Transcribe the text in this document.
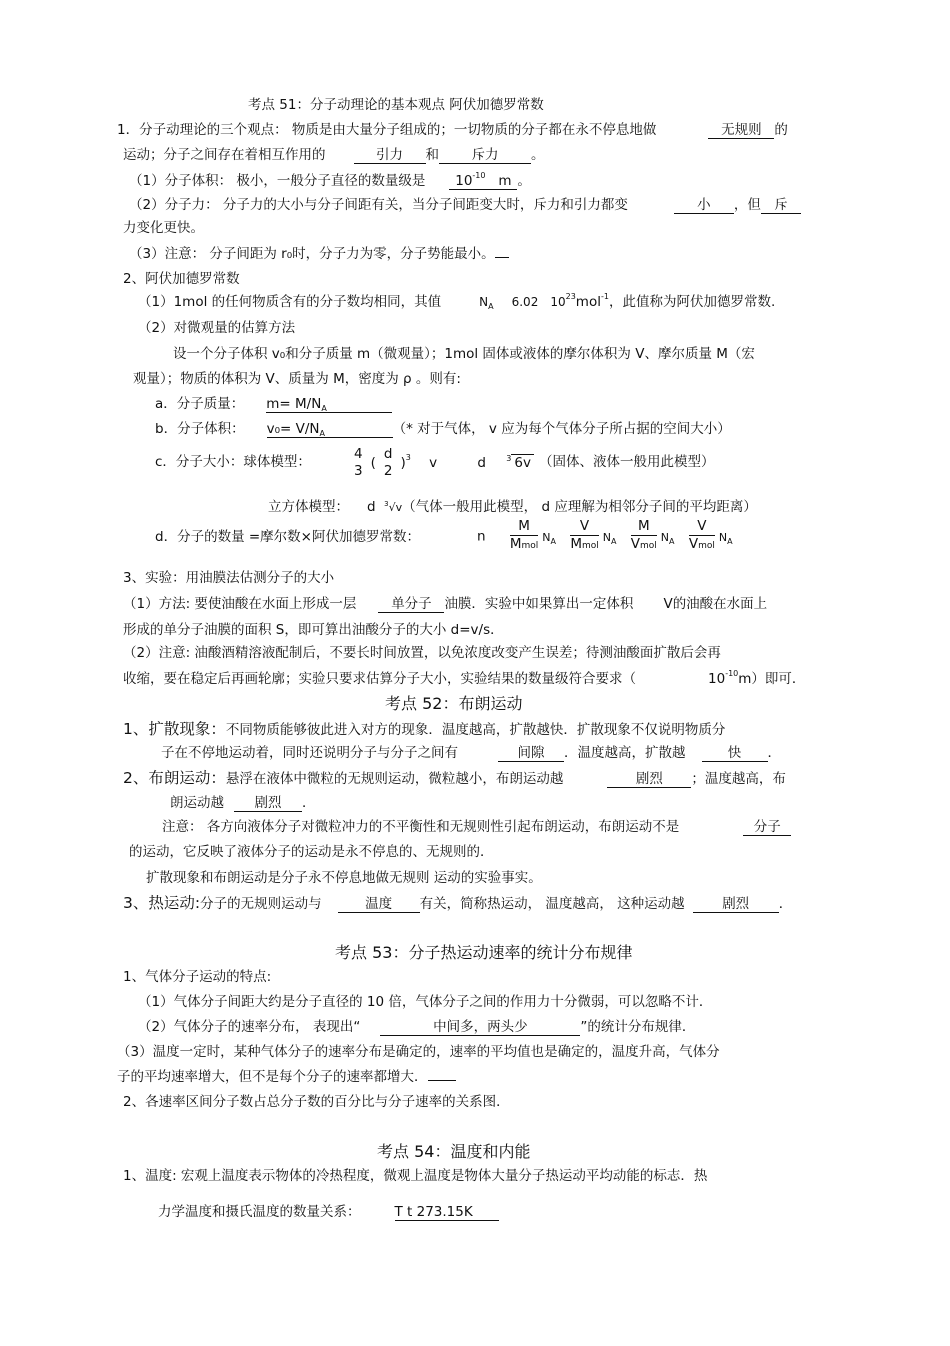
考点 51：分子动理论的基本观点 阿伏加德罗常数
1．分子动理论的三个观点： 物质是由大量分子组成的；一切物质的分子都在永不停息地做	无规则 的
运动；分子之间存在着相互作用的	引力 和 斥力 。
（1）分子体积： 极小，一般分子直径的数量级是 $10^{-10}$ m 。
（2）分子力： 分子力的大小与分子间距有关，当分子间距变大时，斥力和引力都变	小 ，但 斥
力变化更快。
（3）注意： 分子间距为 r₀时，分子力为零，分子势能最小。
2、阿伏加德罗常数
（1）1mol 的任何物质含有的分子数均相同，其值	$N_A$ 6.02 $10^{23}mol^{-1}$，此值称为阿伏加德罗常数.
（2）对微观量的估算方法
设一个分子体积 v₀和分子质量 m（微观量）；1mol 固体或液体的摩尔体积为 V、摩尔质量 M（宏
观量）；物质的体积为 V、质量为 M，密度为 ρ 。则有:
a．分子质量： $m= M/N_A$
b．分子体积： $v_0= V/N_A$	（* 对于气体， v 应为每个气体分子所占据的空间大小）
c．分子大小：球体模型：	4
3 (
d
2 )$^3$ v	d	$^3$ 6v （固体、液体一般用此模型）
立方体模型： d $^3$√v（气体一般用此模型， d 应理解为相邻分子间的平均距离）
d．分子的数量 =摩尔数×阿伏加德罗常数：	n $\frac{M}{\text{Mmol}} N_A \frac{V}{\text{Mmol}} N_A \frac{M}{\text{Vmol}} N_A \frac{V}{\text{Vmol}} N_A$
3、实验：用油膜法估测分子的大小
（1）方法: 要使油酸在水面上形成一层	单分子 油膜．实验中如果算出一定体积 V的油酸在水面上
形成的单分子油膜的面积 S，即可算出油酸分子的大小 d=v/s．
（2）注意: 油酸酒精溶液配制后，不要长时间放置，以免浓度改变产生误差；待测油酸面扩散后会再
收缩，要在稳定后再画轮廓；实验只要求估算分子大小，实验结果的数量级符合要求（	$10^{-10}m$）即可．
考点 52：布朗运动
1、扩散现象：不同物质能够彼此进入对方的现象．温度越高，扩散越快．扩散现象不仅说明物质分
子在不停地运动着，同时还说明分子与分子之间有	间隙 ．温度越高，扩散越	快 ．
2、布朗运动：悬浮在液体中微粒的无规则运动，微粒越小，布朗运动越	剧烈 ；温度越高，布
朗运动越 剧烈 ．
注意： 各方向液体分子对微粒冲力的不平衡性和无规则性引起布朗运动，布朗运动不是	分子
的运动，它反映了液体分子的运动是永不停息的、无规则的．
扩散现象和布朗运动是分子永不停息地做无规则 运动的实验事实。
3、热运动:分子的无规则运动与	温度 有关，简称热运动， 温度越高， 这种运动越	剧烈 ．
考点 53：分子热运动速率的统计分布规律
1、气体分子运动的特点:
（1）气体分子间距大约是分子直径的 10 倍，气体分子之间的作用力十分微弱，可以忽略不计．
（2）气体分子的速率分布， 表现出“	中间多，两头少	”的统计分布规律．
（3）温度一定时，某种气体分子的速率分布是确定的，速率的平均值也是确定的，温度升高，气体分
子的平均速率增大，但不是每个分子的速率都增大．
2、各速率区间分子数占总分子数的百分比与分子速率的关系图．
考点 54：温度和内能
1、温度: 宏观上温度表示物体的冷热程度，微观上温度是物体大量分子热运动平均动能的标志．热
力学温度和摄氏温度的数量关系：	T t 273.15K
